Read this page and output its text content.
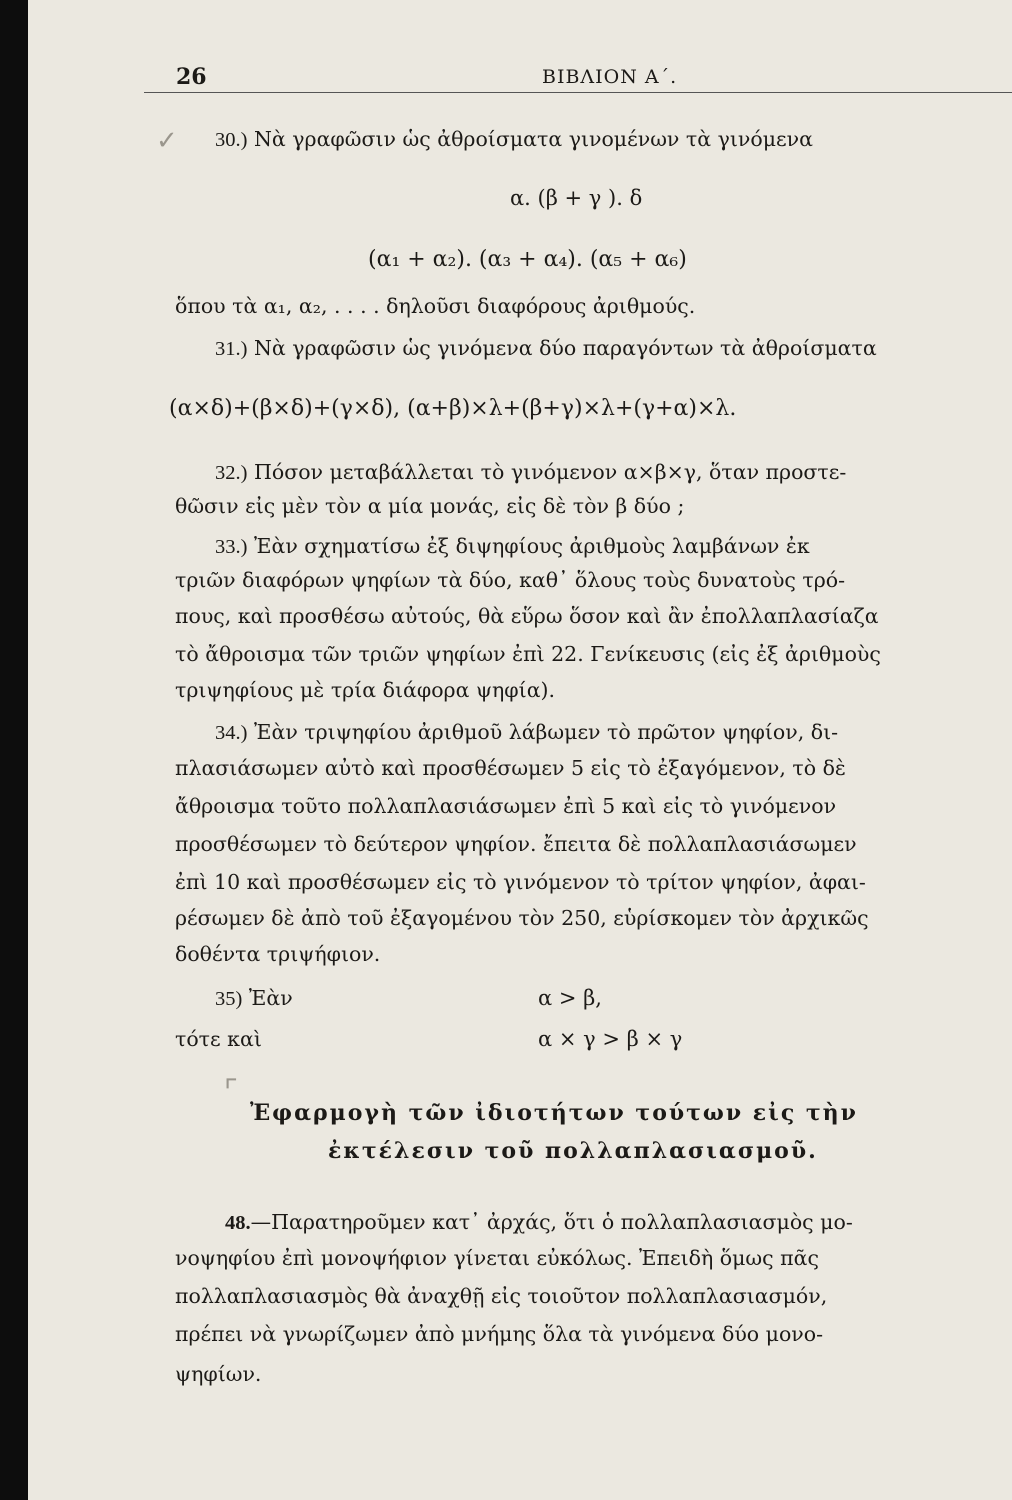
26	ΒΙΒΛΙΟΝ Α΄.
✓ 30.) Νὰ γραφῶσιν ὡς ἀθροίσματα γινομένων τὰ γινόμενα
α. (β + γ ). δ
(α₁ + α₂). (α₃ + α₄). (α₅ + α₆)
ὅπου τὰ α₁, α₂, . . . . δηλοῦσι διαφόρους ἀριθμούς.
31.) Νὰ γραφῶσιν ὡς γινόμενα δύο παραγόντων τὰ ἀθροίσματα
(α×δ)+(β×δ)+(γ×δ), (α+β)×λ+(β+γ)×λ+(γ+α)×λ.
32.) Πόσον μεταβάλλεται τὸ γινόμενον α×β×γ, ὅταν προστε-
θῶσιν εἰς μὲν τὸν α μία μονάς, εἰς δὲ τὸν β δύο ;
33.) Ἐὰν σχηματίσω ἐξ διψηφίους ἀριθμοὺς λαμβάνων ἐκ
τριῶν διαφόρων ψηφίων τὰ δύο, καθ᾿ ὅλους τοὺς δυνατοὺς τρό-
πους, καὶ προσθέσω αὐτούς, θὰ εὕρω ὅσον καὶ ἂν ἐπολλαπλασίαζα
τὸ ἄθροισμα τῶν τριῶν ψηφίων ἐπὶ 22. Γενίκευσις (εἰς ἐξ ἀριθμοὺς
τριψηφίους μὲ τρία διάφορα ψηφία).
34.) Ἐὰν τριψηφίου ἀριθμοῦ λάβωμεν τὸ πρῶτον ψηφίον, δι-
πλασιάσωμεν αὐτὸ καὶ προσθέσωμεν 5 εἰς τὸ ἐξαγόμενον, τὸ δὲ
ἄθροισμα τοῦτο πολλαπλασιάσωμεν ἐπὶ 5 καὶ εἰς τὸ γινόμενον
προσθέσωμεν τὸ δεύτερον ψηφίον. ἔπειτα δὲ πολλαπλασιάσωμεν
ἐπὶ 10 καὶ προσθέσωμεν εἰς τὸ γινόμενον τὸ τρίτον ψηφίον, ἀφαι-
ρέσωμεν δὲ ἀπὸ τοῦ ἐξαγομένου τὸν 250, εὑρίσκομεν τὸν ἀρχικῶς
δοθέντα τριψήφιον.
35) Ἐὰν	α > β,
τότε καὶ	α × γ > β × γ
⌜
Ἐφαρμογὴ τῶν ἰδιοτήτων τούτων εἰς τὴν
ἐκτέλεσιν τοῦ πολλαπλασιασμοῦ.
48.—Παρατηροῦμεν κατ᾿ ἀρχάς, ὅτι ὁ πολλαπλασιασμὸς μο-
νοψηφίου ἐπὶ μονοψήφιον γίνεται εὐκόλως. Ἐπειδὴ ὅμως πᾶς
πολλαπλασιασμὸς θὰ ἀναχθῇ εἰς τοιοῦτον πολλαπλασιασμόν,
πρέπει νὰ γνωρίζωμεν ἀπὸ μνήμης ὅλα τὰ γινόμενα δύο μονο-
ψηφίων.
